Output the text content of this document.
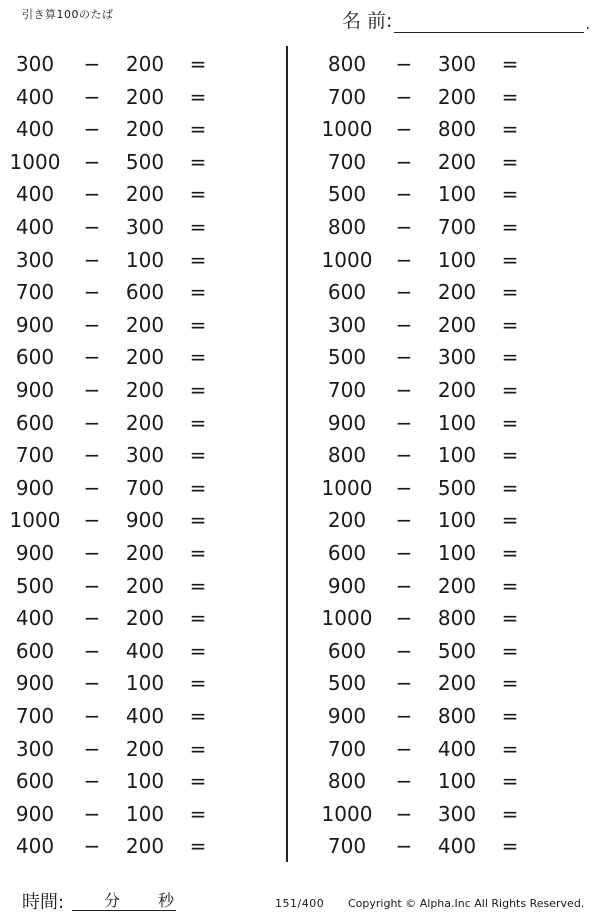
引き算100のたば	名 前:	.
300	−	200	=
400	−	200	=
400	−	200	=
1000 −	500	=
400	−	200	=
400	−	300	=
300	−	100	=
700	−	600	=
900	−	200	=
600	−	200	=
900	−	200	=
600	−	200	=
700	−	300	=
900	−	700	=
1000 −	900	=
900	−	200	=
500	−	200	=
400	−	200	=
600	−	400	=
900	−	100	=
700	−	400	=
300	−	200	=
600	−	100	=
900	−	100	=
400	−	200	=
800	−	300	=
700	−	200	=
1000 −	800	=
700	−	200	=
500	−	100	=
800	−	700	=
1000 −	100	=
600	−	200	=
300	−	200	=
500	−	300	=
700	−	200	=
900	−	100	=
800	−	100	=
1000 −	500	=
200	−	100	=
600	−	100	=
900	−	200	=
1000 −	800	=
600	−	500	=
500	−	200	=
900	−	800	=
700	−	400	=
800	−	100	=
1000 −	300	=
700	−	400	=
時間: 分 秒	151/400 Copyright © Alpha.Inc All Rights Reserved.
